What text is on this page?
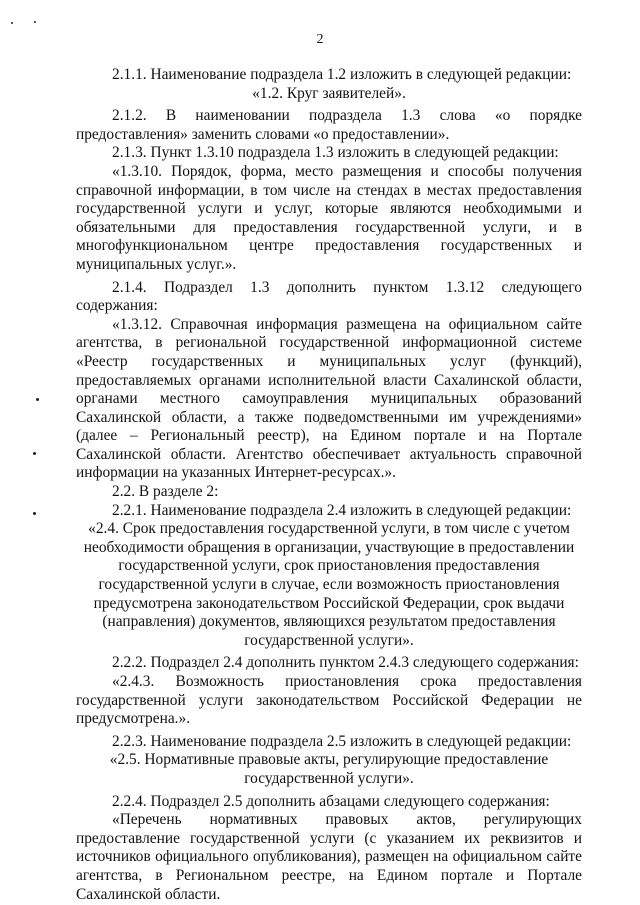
2

2.1.1. Наименование подраздела 1.2 изложить в следующей редакции:

«1.2. Круг заявителей».

2.1.2. В наименовании подраздела 1.3 слова «о порядке предоставления» заменить словами «о предоставлении».

2.1.3. Пункт 1.3.10 подраздела 1.3 изложить в следующей редакции:

«1.3.10. Порядок, форма, место размещения и способы получения справочной информации, в том числе на стендах в местах предоставления государственной услуги и услуг, которые являются необходимыми и обязательными для предоставления государственной услуги, и в многофункциональном центре предоставления государственных и муниципальных услуг.».

2.1.4. Подраздел 1.3 дополнить пунктом 1.3.12 следующего содержания:

«1.3.12. Справочная информация размещена на официальном сайте агентства, в региональной государственной информационной системе «Реестр государственных и муниципальных услуг (функций), предоставляемых органами исполнительной власти Сахалинской области, органами местного самоуправления муниципальных образований Сахалинской области, а также подведомственными им учреждениями» (далее – Региональный реестр), на Едином портале и на Портале Сахалинской области. Агентство обеспечивает актуальность справочной информации на указанных Интернет-ресурсах.».

2.2. В разделе 2:

2.2.1. Наименование подраздела 2.4 изложить в следующей редакции:

«2.4. Срок предоставления государственной услуги, в том числе с учетом необходимости обращения в организации, участвующие в предоставлении государственной услуги, срок приостановления предоставления государственной услуги в случае, если возможность приостановления предусмотрена законодательством Российской Федерации, срок выдачи (направления) документов, являющихся результатом предоставления государственной услуги».

2.2.2. Подраздел 2.4 дополнить пунктом 2.4.3 следующего содержания:

«2.4.3. Возможность приостановления срока предоставления государственной услуги законодательством Российской Федерации не предусмотрена.».

2.2.3. Наименование подраздела 2.5 изложить в следующей редакции:

«2.5. Нормативные правовые акты, регулирующие предоставление государственной услуги».

2.2.4. Подраздел 2.5 дополнить абзацами следующего содержания:

«Перечень нормативных правовых актов, регулирующих предоставление государственной услуги (с указанием их реквизитов и источников официального опубликования), размещен на официальном сайте агентства, в Региональном реестре, на Едином портале и Портале Сахалинской области.
